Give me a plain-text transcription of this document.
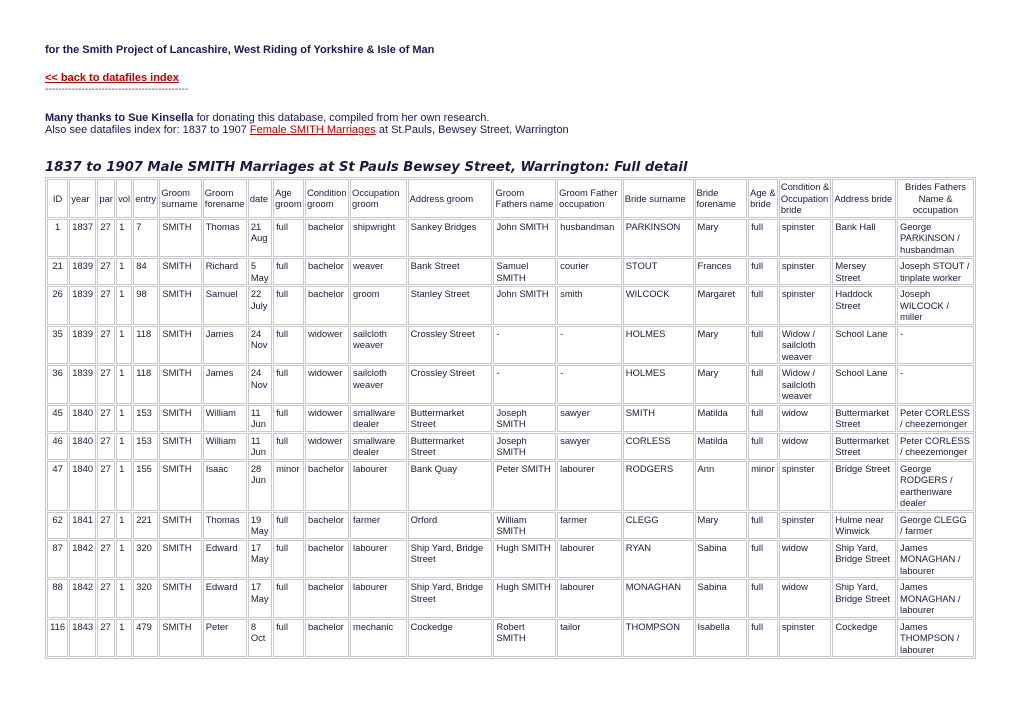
for the Smith Project of Lancashire, West Riding of Yorkshire & Isle of Man
<< back to datafiles index
-------------------------------------------
Many thanks to Sue Kinsella for donating this database, compiled from her own research.
Also see datafiles index for: 1837 to 1907 Female SMITH Marriages at St.Pauls, Bewsey Street, Warrington
1837 to 1907 Male SMITH Marriages at St Pauls Bewsey Street, Warrington: Full detail
ID	year	par	vol	entry	Groom surname	Groom forename	date	Age groom	Condition groom	Occupation groom	Address groom	Groom Fathers name	Groom Father occupation	Bride surname	Bride forename	Age & bride	Condition & Occupation bride	Address bride	Brides Fathers Name & occupation
1	1837	27	1	7	SMITH	Thomas	21 Aug	full	bachelor	shipwright	Sankey Bridges	John SMITH	husbandman	PARKINSON	Mary	full	spinster	Bank Hall	George PARKINSON / husbandman
21	1839	27	1	84	SMITH	Richard	5 May	full	bachelor	weaver	Bank Street	Samuel SMITH	courier	STOUT	Frances	full	spinster	Mersey Street	Joseph STOUT / tinplate worker
26	1839	27	1	98	SMITH	Samuel	22 July	full	bachelor	groom	Stanley Street	John SMITH	smith	WILCOCK	Margaret	full	spinster	Haddock Street	Joseph WILCOCK / miller
35	1839	27	1	118	SMITH	James	24 Nov	full	widower	sailcloth weaver	Crossley Street	-	-	HOLMES	Mary	full	Widow / sailcloth weaver	School Lane	-
36	1839	27	1	118	SMITH	James	24 Nov	full	widower	sailcloth weaver	Crossley Street	-	-	HOLMES	Mary	full	Widow / sailcloth weaver	School Lane	-
45	1840	27	1	153	SMITH	William	11 Jun	full	widower	smallware dealer	Buttermarket Street	Joseph SMITH	sawyer	SMITH	Matilda	full	widow	Buttermarket Street	Peter CORLESS / cheezemonger
46	1840	27	1	153	SMITH	William	11 Jun	full	widower	smallware dealer	Buttermarket Street	Joseph SMITH	sawyer	CORLESS	Matilda	full	widow	Buttermarket Street	Peter CORLESS / cheezemonger
47	1840	27	1	155	SMITH	Isaac	28 Jun	minor	bachelor	labourer	Bank Quay	Peter SMITH	labourer	RODGERS	Ann	minor	spinster	Bridge Street	George RODGERS / earthenware dealer
62	1841	27	1	221	SMITH	Thomas	19 May	full	bachelor	farmer	Orford	William SMITH	farmer	CLEGG	Mary	full	spinster	Hulme near Winwick	George CLEGG / farmer
87	1842	27	1	320	SMITH	Edward	17 May	full	bachelor	labourer	Ship Yard, Bridge Street	Hugh SMITH	labourer	RYAN	Sabina	full	widow	Ship Yard, Bridge Street	James MONAGHAN / labourer
88	1842	27	1	320	SMITH	Edward	17 May	full	bachelor	labourer	Ship Yard, Bridge Street	Hugh SMITH	labourer	MONAGHAN	Sabina	full	widow	Ship Yard, Bridge Street	James MONAGHAN / labourer
116	1843	27	1	479	SMITH	Peter	8 Oct	full	bachelor	mechanic	Cockedge	Robert SMITH	tailor	THOMPSON	Isabella	full	spinster	Cockedge	James THOMPSON / labourer
